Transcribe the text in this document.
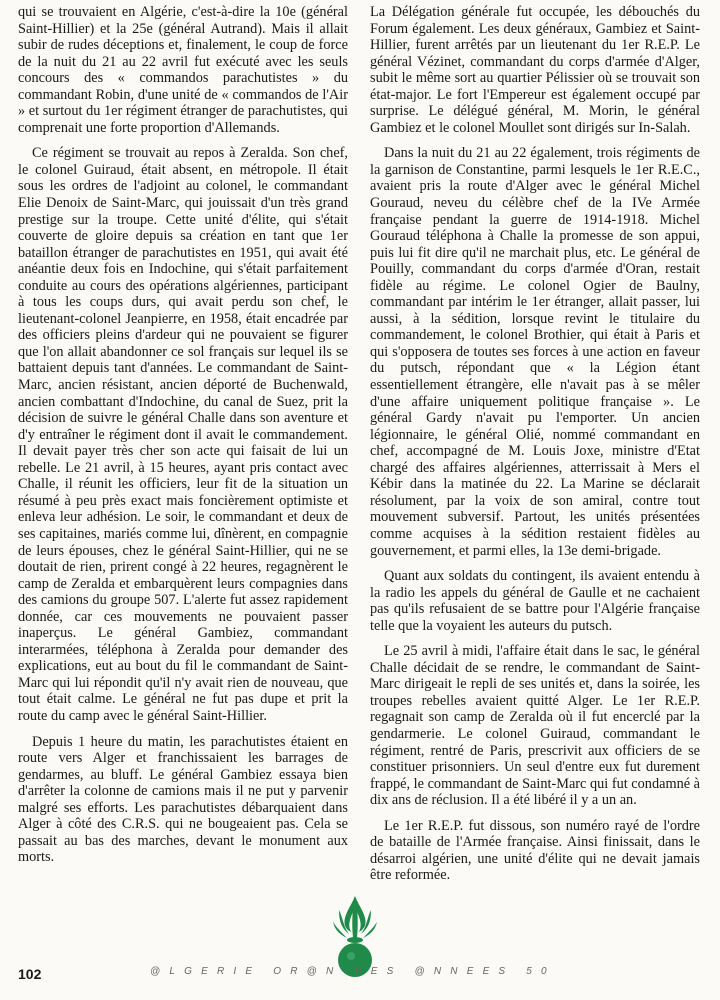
qui se trouvaient en Algérie, c'est-à-dire la 10e (général Saint-Hillier) et la 25e (général Autrand). Mais il allait subir de rudes déceptions et, finalement, le coup de force de la nuit du 21 au 22 avril fut exécuté avec les seuls concours des « commandos parachutistes » du commandant Robin, d'une unité de « commandos de l'Air » et surtout du 1er régiment étranger de parachutistes, qui comprenait une forte proportion d'Allemands.

Ce régiment se trouvait au repos à Zeralda. Son chef, le colonel Guiraud, était absent, en métropole. Il était sous les ordres de l'adjoint au colonel, le commandant Elie Denoix de Saint-Marc, qui jouissait d'un très grand prestige sur la troupe. Cette unité d'élite, qui s'était couverte de gloire depuis sa création en tant que 1er bataillon étranger de parachutistes en 1951, qui avait été anéantie deux fois en Indochine, qui s'était parfaitement conduite au cours des opérations algériennes, participant à tous les coups durs, qui avait perdu son chef, le lieutenant-colonel Jeanpierre, en 1958, était encadrée par des officiers pleins d'ardeur qui ne pouvaient se figurer que l'on allait abandonner ce sol français sur lequel ils se battaient depuis tant d'années. Le commandant de Saint-Marc, ancien résistant, ancien déporté de Buchenwald, ancien combattant d'Indochine, du canal de Suez, prit la décision de suivre le général Challe dans son aventure et d'y entraîner le régiment dont il avait le commandement. Il devait payer très cher son acte qui faisait de lui un rebelle. Le 21 avril, à 15 heures, ayant pris contact avec Challe, il réunit les officiers, leur fit de la situation un résumé à peu près exact mais foncièrement optimiste et enleva leur adhésion. Le soir, le commandant et deux de ses capitaines, mariés comme lui, dînèrent, en compagnie de leurs épouses, chez le général Saint-Hillier, qui ne se doutait de rien, prirent congé à 22 heures, regagnèrent le camp de Zeralda et embarquèrent leurs compagnies dans des camions du groupe 507. L'alerte fut assez rapidement donnée, car ces mouvements ne pouvaient passer inaperçus. Le général Gambiez, commandant interarmées, téléphona à Zeralda pour demander des explications, eut au bout du fil le commandant de Saint-Marc qui lui répondit qu'il n'y avait rien de nouveau, que tout était calme. Le général ne fut pas dupe et prit la route du camp avec le général Saint-Hillier.

Depuis 1 heure du matin, les parachutistes étaient en route vers Alger et franchissaient les barrages de gendarmes, au bluff. Le général Gambiez essaya bien d'arrêter la colonne de camions mais il ne put y parvenir malgré ses efforts. Les parachutistes débarquaient dans Alger à côté des C.R.S. qui ne bougeaient pas. Cela se passait au bas des marches, devant le monument aux morts.

La Délégation générale fut occupée, les débouchés du Forum également. Les deux généraux, Gambiez et Saint-Hillier, furent arrêtés par un lieutenant du 1er R.E.P. Le général Vézinet, commandant du corps d'armée d'Alger, subit le même sort au quartier Pélissier où se trouvait son état-major. Le fort l'Empereur est également occupé par surprise. Le délégué général, M. Morin, le général Gambiez et le colonel Moullet sont dirigés sur In-Salah.

Dans la nuit du 21 au 22 également, trois régiments de la garnison de Constantine, parmi lesquels le 1er R.E.C., avaient pris la route d'Alger avec le général Michel Gouraud, neveu du célèbre chef de la IVe Armée française pendant la guerre de 1914-1918. Michel Gouraud téléphona à Challe la promesse de son appui, puis lui fit dire qu'il ne marchait plus, etc. Le général de Pouilly, commandant du corps d'armée d'Oran, restait fidèle au régime. Le colonel Ogier de Baulny, commandant par intérim le 1er étranger, allait passer, lui aussi, à la sédition, lorsque revint le titulaire du commandement, le colonel Brothier, qui était à Paris et qui s'opposera de toutes ses forces à une action en faveur du putsch, répondant que « la Légion étant essentiellement étrangère, elle n'avait pas à se mêler d'une affaire uniquement politique française ». Le général Gardy n'avait pu l'emporter. Un ancien légionnaire, le général Olié, nommé commandant en chef, accompagné de M. Louis Joxe, ministre d'Etat chargé des affaires algériennes, atterrissait à Mers el Kébir dans la matinée du 22. La Marine se déclarait résolument, par la voix de son amiral, contre tout mouvement subversif. Partout, les unités présentées comme acquises à la sédition restaient fidèles au gouvernement, et parmi elles, la 13e demi-brigade.

Quant aux soldats du contingent, ils avaient entendu à la radio les appels du général de Gaulle et ne cachaient pas qu'ils refusaient de se battre pour l'Algérie française telle que la voyaient les auteurs du putsch.

Le 25 avril à midi, l'affaire était dans le sac, le général Challe décidait de se rendre, le commandant de Saint-Marc dirigeait le repli de ses unités et, dans la soirée, les troupes rebelles avaient quitté Alger. Le 1er R.E.P. regagnait son camp de Zeralda où il fut encerclé par la gendarmerie. Le colonel Guiraud, commandant le régiment, rentré de Paris, prescrivit aux officiers de se constituer prisonniers. Un seul d'entre eux fut durement frappé, le commandant de Saint-Marc qui fut condamné à dix ans de réclusion. Il a été libéré il y a un an.

Le 1er R.E.P. fut dissous, son numéro rayé de l'ordre de bataille de l'Armée française. Ainsi finissait, dans le désarroi algérien, une unité d'élite qui ne devait jamais être reformée.

102	@LGERIE OR@N DES @NNEES 50
